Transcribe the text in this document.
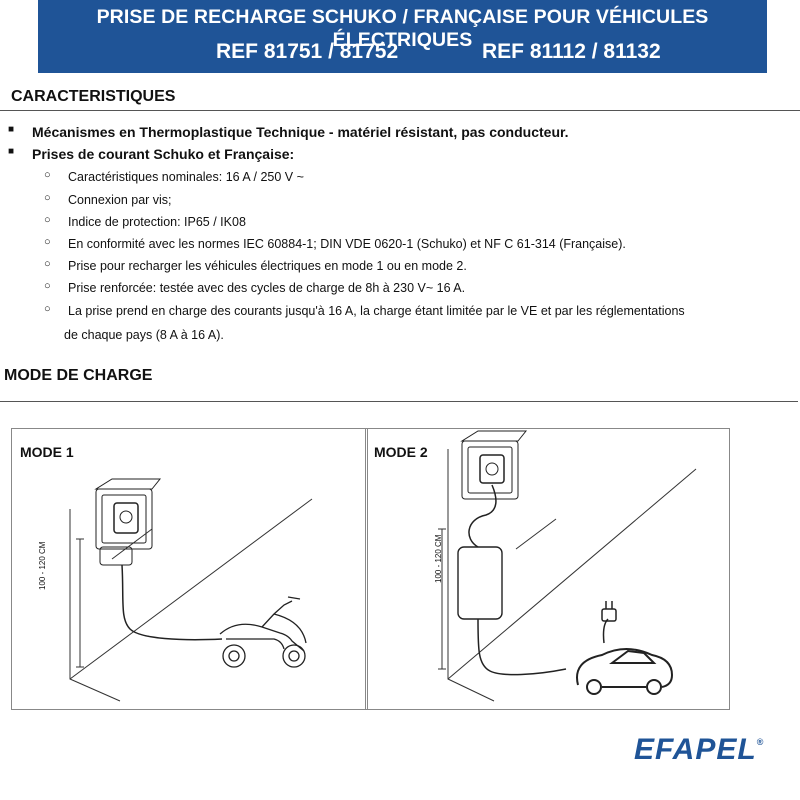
PRISE DE RECHARGE SCHUKO / FRANÇAISE POUR VÉHICULES ÉLECTRIQUES
REF 81751 / 81752	REF 81112 / 81132
CARACTERISTIQUES
■ Mécanismes en Thermoplastique Technique - matériel résistant, pas conducteur.
■ Prises de courant Schuko et Française:
○ Caractéristiques nominales: 16 A / 250 V ~
○ Connexion par vis;
○ Indice de protection: IP65 / IK08
○ En conformité avec les normes IEC 60884-1; DIN VDE 0620-1 (Schuko) et NF C 61-314 (Française).
○ Prise pour recharger les véhicules électriques en mode 1 ou en mode 2.
○ Prise renforcée: testée avec des cycles de charge de 8h à 230 V~ 16 A.
○ La prise prend en charge des courants jusqu'à 16 A, la charge étant limitée par le VE et par les réglementations
de chaque pays (8 A à 16 A).
MODE DE CHARGE
MODE 1	MODE 2
100 - 120 CM	100 - 120 CM
EFAPEL®
